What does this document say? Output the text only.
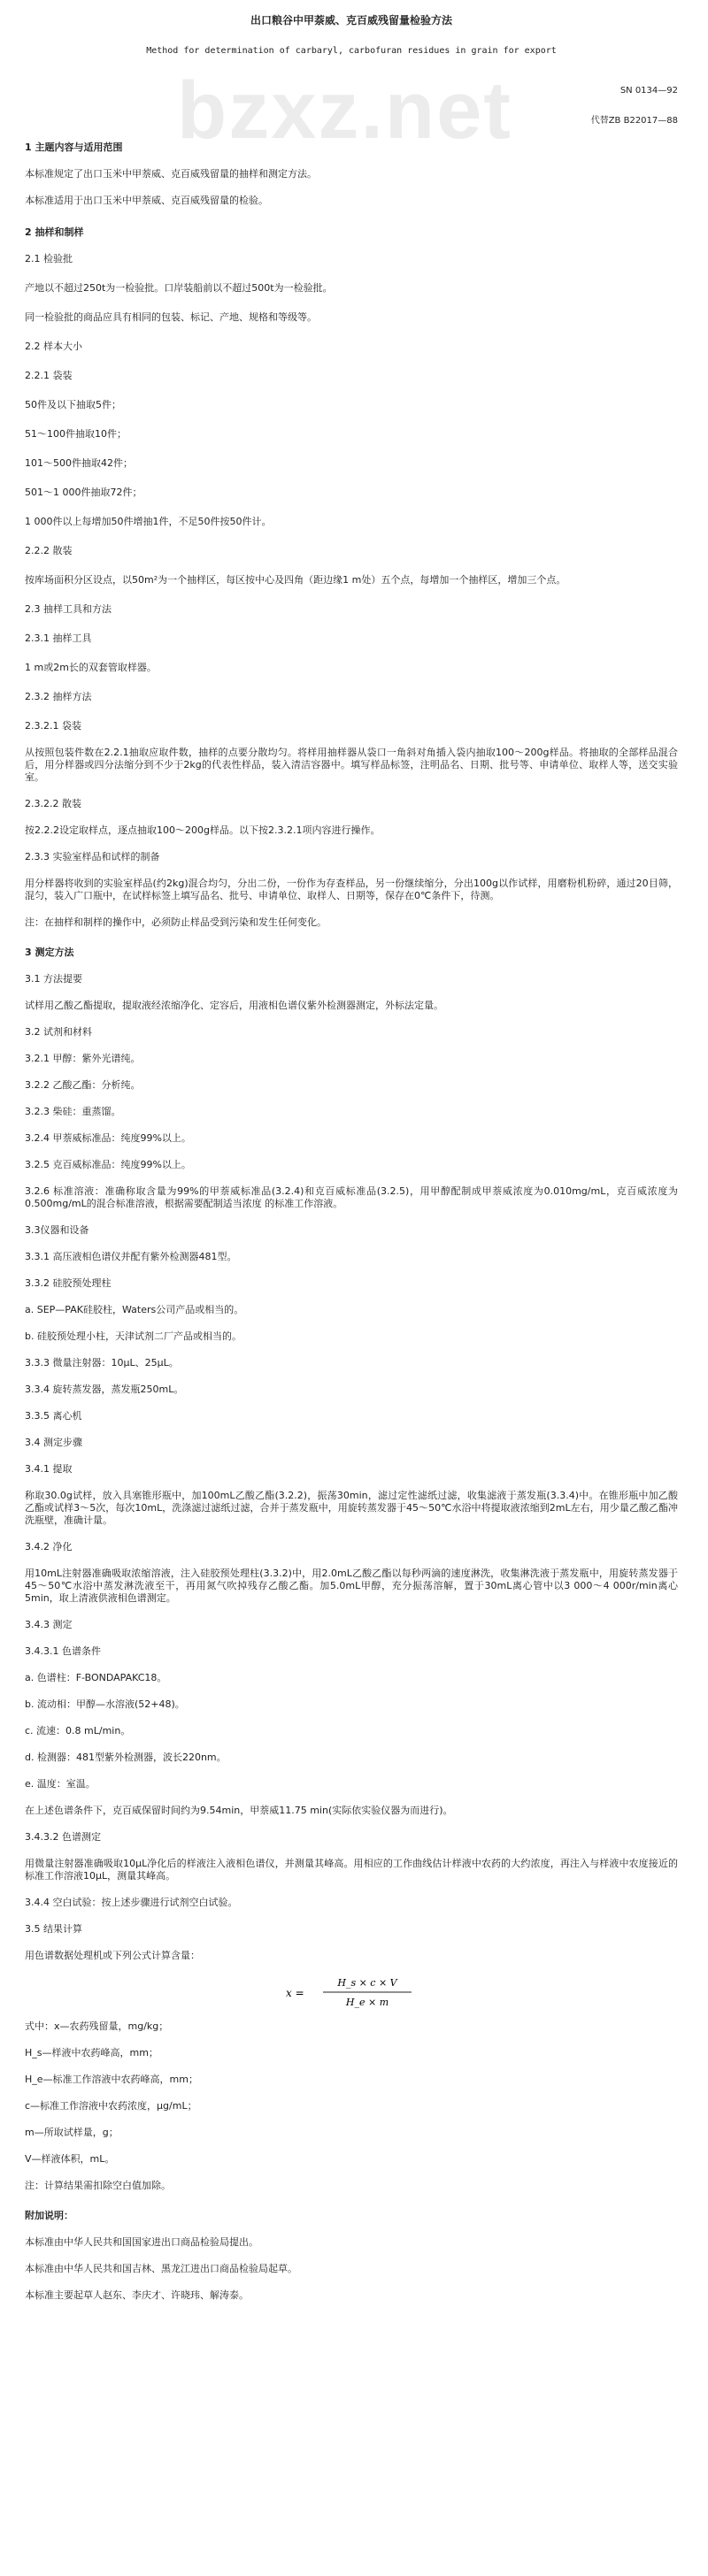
bzxz.net
出口粮谷中甲萘威、克百威残留量检验方法
Method for determination of carbaryl, carbofuran residues in grain for export
SN 0134—92
代替ZB B22017—88

1 主题内容与适用范围

本标准规定了出口玉米中甲萘威、克百威残留量的抽样和测定方法。

本标准适用于出口玉米中甲萘威、克百威残留量的检验。

2 抽样和制样

2.1 检验批

产地以不超过250t为一检验批。口岸装船前以不超过500t为一检验批。

同一检验批的商品应具有相同的包装、标记、产地、规格和等级等。

2.2 样本大小

2.2.1 袋装

50件及以下抽取5件；

51～100件抽取10件；

101～500件抽取42件；

501～1 000件抽取72件；

1 000件以上每增加50件增抽1件，不足50件按50件计。

2.2.2 散装

按库场面积分区设点，以50m²为一个抽样区，每区按中心及四角（距边缘1 m处）五个点，每增加一个抽样区，增加三个点。

2.3 抽样工具和方法

2.3.1 抽样工具

1 m或2m长的双套管取样器。

2.3.2 抽样方法

2.3.2.1 袋装

从按照包装件数在2.2.1抽取应取件数，抽样的点要分散均匀。将样用抽样器从袋口一角斜对角插入袋内抽取100～200g样品。将抽取的全部样品混合后，用分样器或四分法缩分到不少于2kg的代表性样品，装入清洁容器中。填写样品标签，注明品名、日期、批号等、申请单位、取样人等，送交实验室。

2.3.2.2 散装

按2.2.2设定取样点，逐点抽取100～200g样品。以下按2.3.2.1项内容进行操作。

2.3.3 实验室样品和试样的制备

用分样器将收到的实验室样品(约2kg)混合均匀，分出二份，一份作为存查样品，另一份继续缩分，分出100g以作试样，用磨粉机粉碎，通过20目筛，混匀，装入广口瓶中，在试样标签上填写品名、批号、申请单位、取样人、日期等，保存在0℃条件下，待测。

注：在抽样和制样的操作中，必须防止样品受到污染和发生任何变化。

3 测定方法

3.1 方法提要

试样用乙酸乙酯提取，提取液经浓缩净化、定容后，用液相色谱仪紫外检测器测定，外标法定量。

3.2 试剂和材料

3.2.1 甲醇：紫外光谱纯。

3.2.2 乙酸乙酯：分析纯。

3.2.3 柴硅：重蒸馏。

3.2.4 甲萘威标准品：纯度99%以上。

3.2.5 克百威标准品：纯度99%以上。

3.2.6 标准溶液：准确称取含量为99%的甲萘威标准品(3.2.4)和克百威标准品(3.2.5)，用甲醇配制成甲萘威浓度为0.010mg/mL，克百威浓度为0.500mg/mL的混合标准溶液，根据需要配制适当浓度 的标准工作溶液。

3.3仪器和设备

3.3.1 高压液相色谱仪并配有紫外检测器481型。

3.3.2 硅胶预处理柱

a. SEP—PAK硅胶柱，Waters公司产品或相当的。

b. 硅胶预处理小柱，天津试剂二厂产品或相当的。

3.3.3 微量注射器：10μL、25μL。

3.3.4 旋转蒸发器，蒸发瓶250mL。

3.3.5 离心机

3.4 测定步骤

3.4.1 提取

称取30.0g试样，放入具塞锥形瓶中，加100mL乙酸乙酯(3.2.2)，振荡30min，滤过定性滤纸过滤，收集滤液于蒸发瓶(3.3.4)中。在锥形瓶中加乙酸乙酯或试样3～5次，每次10mL，洗涤滤过滤纸过滤，合并于蒸发瓶中，用旋转蒸发器于45～50℃水浴中将提取液浓缩到2mL左右，用少量乙酸乙酯冲洗瓶壁，准确计量。

3.4.2 净化

用10mL注射器准确吸取浓缩溶液，注入硅胶预处理柱(3.3.2)中，用2.0mL乙酸乙酯以每秒两滴的速度淋洗，收集淋洗液于蒸发瓶中，用旋转蒸发器于45～50℃水浴中蒸发淋洗液至干，再用氮气吹掉残存乙酸乙酯。加5.0mL甲醇，充分振荡溶解，置于30mL离心管中以3 000～4 000r/min离心5min，取上清液供液相色谱测定。

3.4.3 测定

3.4.3.1 色谱条件

a. 色谱柱：F-BONDAPAKC18。

b. 流动相：甲醇—水溶液(52+48)。

c. 流速：0.8 mL/min。

d. 检测器：481型紫外检测器，波长220nm。

e. 温度：室温。

在上述色谱条件下，克百威保留时间约为9.54min，甲萘威11.75 min(实际依实验仪器为而进行)。

3.4.3.2 色谱测定

用微量注射器准确吸取10μL净化后的样液注入液相色谱仪，并测量其峰高。用相应的工作曲线估计样液中农药的大约浓度，再注入与样液中农度接近的标准工作溶液10μL，测量其峰高。

3.4.4 空白试验：按上述步骤进行试剂空白试验。

3.5 结果计算

用色谱数据处理机或下列公式计算含量：

x =
H_s × c × V
H_e × m

式中：x—农药残留量，mg/kg；

H_s—样液中农药峰高，mm；

H_e—标准工作溶液中农药峰高，mm；

c—标准工作溶液中农药浓度，μg/mL；

m—所取试样量，g；

V—样液体积，mL。

注：计算结果需扣除空白值加除。

附加说明：

本标准由中华人民共和国国家进出口商品检验局提出。

本标准由中华人民共和国吉林、黑龙江进出口商品检验局起草。

本标准主要起草人赵东、李庆才、许晓玮、解涛泰。
